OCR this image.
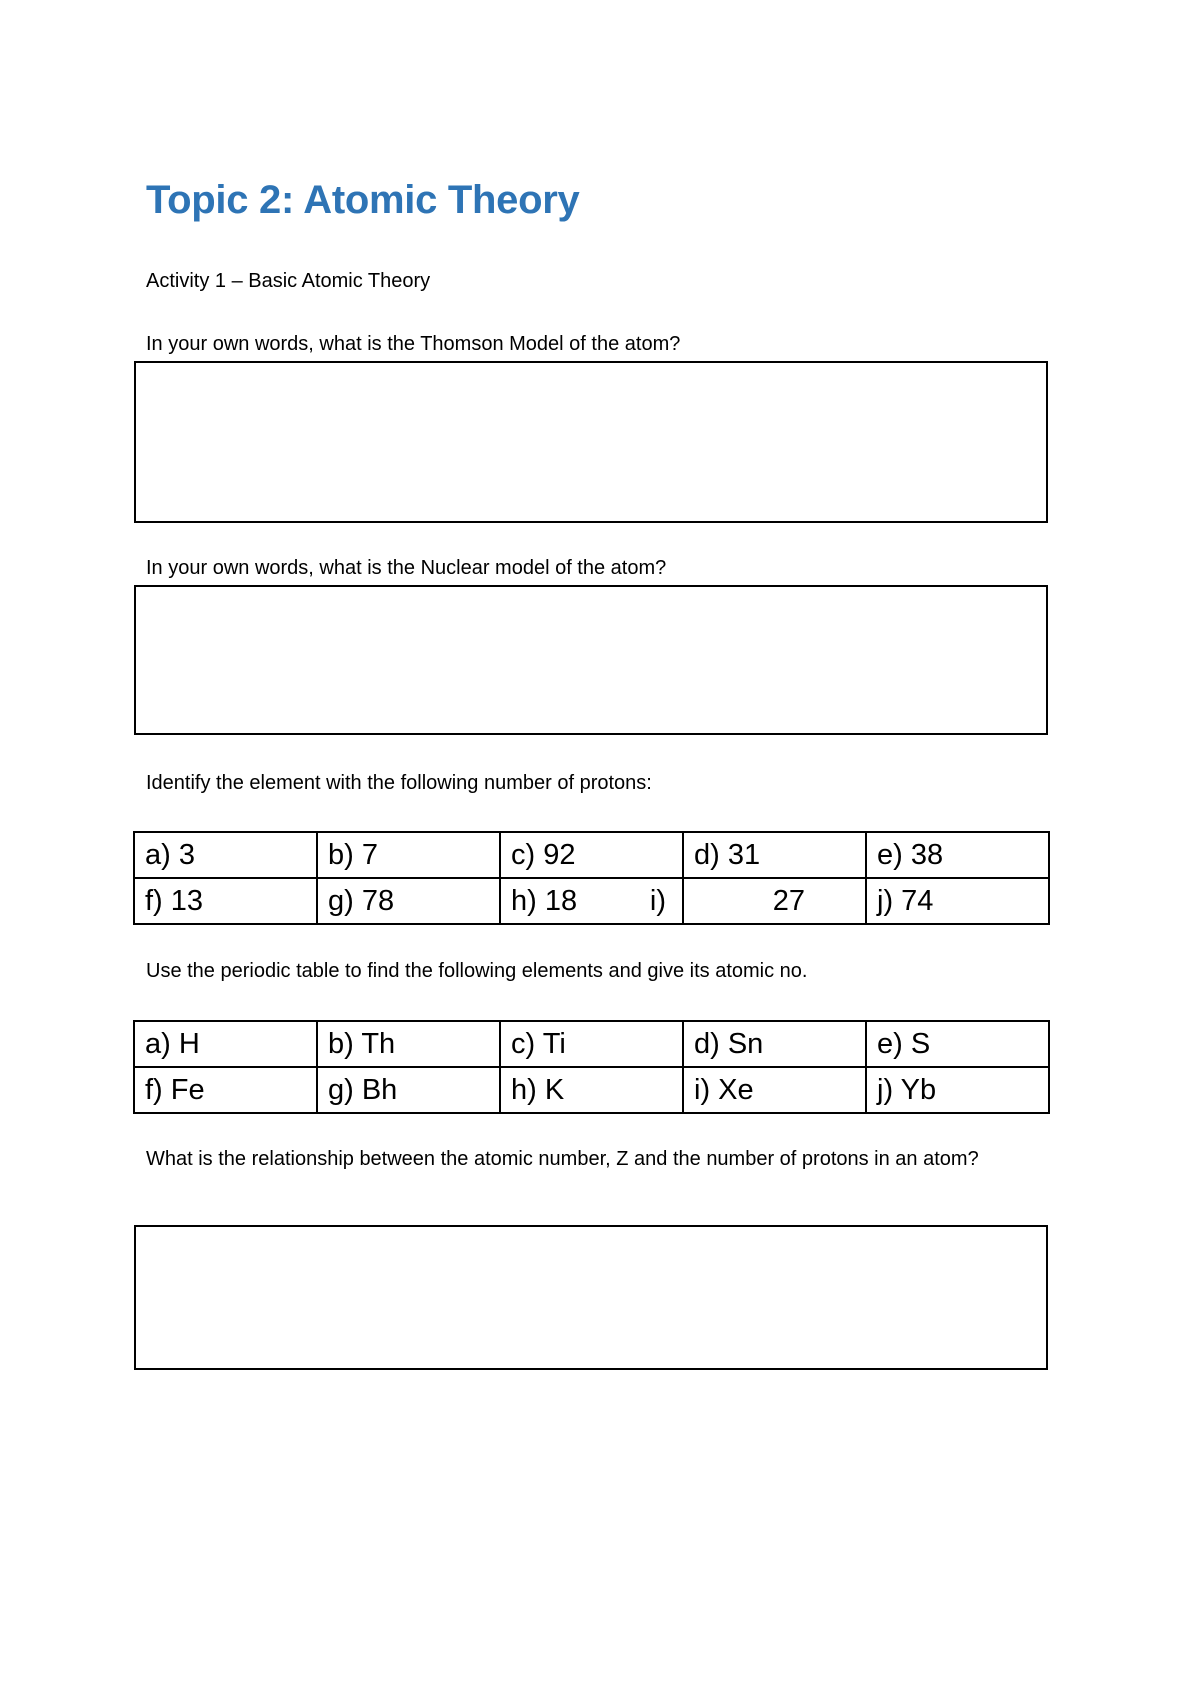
Topic 2: Atomic Theory
Activity 1 – Basic Atomic Theory
In your own words, what is the Thomson Model of the atom?
In your own words, what is the Nuclear model of the atom?
Identify the element with the following number of protons:
a) 3	b) 7	c) 92	d) 31	e) 38
f) 13	g) 78	h) 18 i)	27	j) 74
Use the periodic table to find the following elements and give its atomic no.
a) H	b) Th	c) Ti	d) Sn	e) S
f) Fe	g) Bh	h) K	i) Xe	j) Yb
What is the relationship between the atomic number, Z and the number of protons in an atom?
